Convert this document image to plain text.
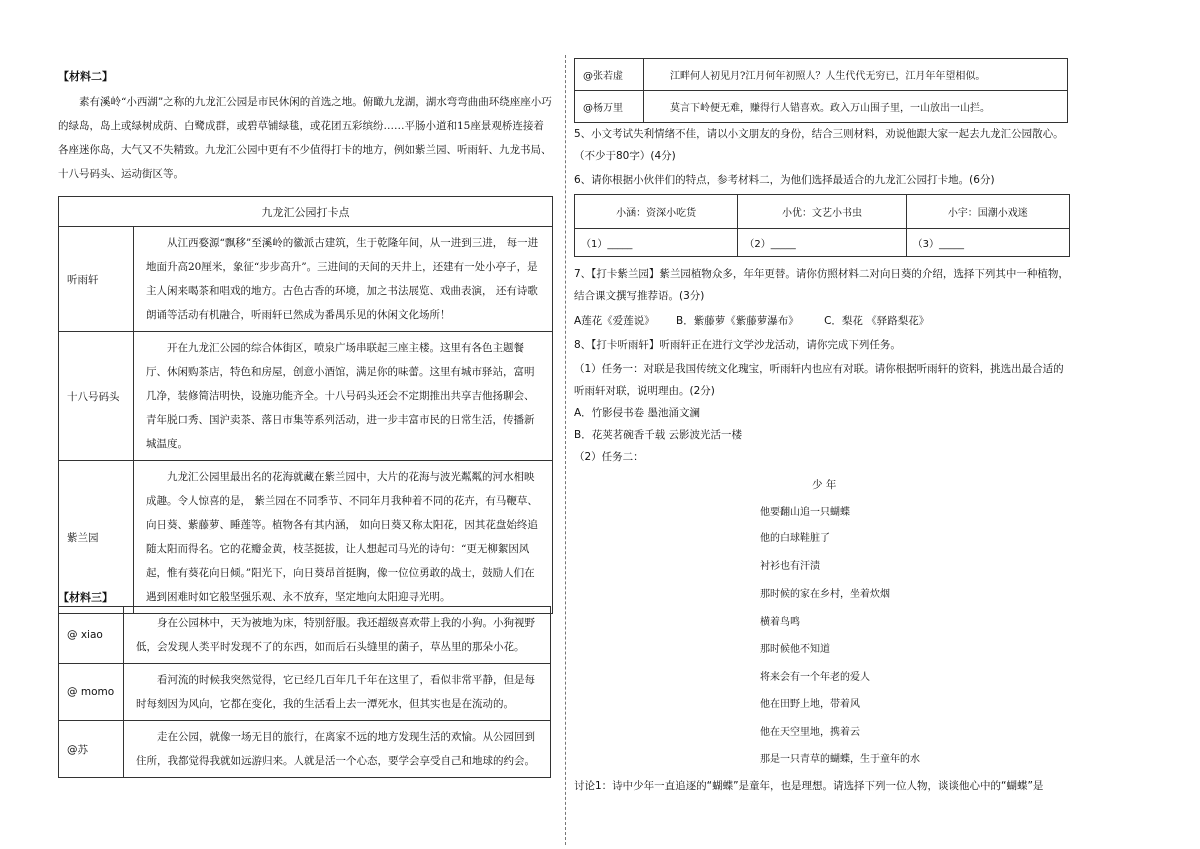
【材料二】
素有溪岭“小西湖”之称的九龙汇公园是市民休闲的首选之地。俯瞰九龙湖，湖水弯弯曲曲环绕座座小巧的绿岛，岛上或绿树成荫、白鹭成群，或碧草铺绿毯，或花团五彩缤纷……平肠小道和15座景观桥连接着各座迷你岛，大气又不失精致。九龙汇公园中更有不少值得打卡的地方，例如紫兰园、听雨轩、九龙书局、十八号码头、运动街区等。
九龙汇公园打卡点	
听雨轩	从江西婺源“飘移”至溪岭的徽派古建筑，生于乾隆年间，从一进到三进， 每一进地面升高20厘米，象征“步步高升”。三进间的天间的天井上，还建有一处小亭子，是主人闲来喝茶和唱戏的地方。古色古香的环境，加之书法展览、戏曲表演， 还有诗歌朗诵等活动有机融合，听雨轩已然成为番禺乐见的休闲文化场所！
十八号码头	开在九龙汇公园的综合体街区，喷泉广场串联起三座主楼。这里有各色主题餐厅、休闲购茶店，特色和房屋，创意小酒馆，满足你的味蕾。这里有城市驿站，富明几净，装修简洁明快，设施功能齐全。十八号码头还会不定期推出共享吉他扬聊会、青年脱口秀、国沪卖茶、落日市集等系列活动，进一步丰富市民的日常生活，传播新城温度。
紫兰园	九龙汇公园里最出名的花海就藏在紫兰园中，大片的花海与波光粼粼的河水相映成趣。令人惊喜的是， 紫兰园在不同季节、不同年月我种着不同的花卉，有马鞭草、向日葵、紫藤萝、睡莲等。植物各有其内涵， 如向日葵又称太阳花，因其花盘始终追随太阳而得名。它的花瓣金黄，枝茎挺拔，让人想起司马光的诗句：“更无柳絮因风起，惟有葵花向日倾。”阳光下，向日葵昂首挺胸，像一位位勇敢的战士，鼓励人们在遇到困难时如它般坚强乐观、永不放弃，坚定地向太阳迎寻光明。
【材料三】
@ xiao	身在公园林中，天为被地为床，特别舒服。我还超级喜欢带上我的小狗。小狗视野低，会发现人类平时发现不了的东西，如而后石头缝里的菌子，草丛里的那朵小花。
@ momo	看河流的时候我突然觉得，它已经几百年几千年在这里了，看似非常平静，但是每时每刻因为风向，它都在变化，我的生活看上去一潭死水，但其实也是在流动的。
@苏	走在公园，就像一场无目的旅行，在离家不远的地方发现生活的欢愉。从公园回到住所，我都觉得我就如远游归来。人就是活一个心态，要学会享受自己和地球的约会。
@张若虚	江畔何人初见月?江月何年初照人？人生代代无穷已，江月年年望相似。
@杨万里	莫言下岭便无难，赚得行人错喜欢。政入万山围子里，一山放出一山拦。
5、小文考试失利情绪不佳，请以小文朋友的身份，结合三则材料，劝说他跟大家一起去九龙汇公园散心。
（不少于80字）(4分)
6、请你根据小伙伴们的特点，参考材料二，为他们选择最适合的九龙汇公园打卡地。(6分)
小涵：资深小吃货	小优：文艺小书虫	小宇：国潮小戏迷
（1）_____	（2）_____	（3）_____
7、【打卡紫兰园】紫兰园植物众多，年年更替。请你仿照材料二对向日葵的介绍，选择下列其中一种植物，
结合课文撰写推荐语。(3分)
A莲花《爱莲说》 B．紫藤萝《紫藤萝瀑布》 C．梨花 《驿路梨花》
8、【打卡听雨轩】听雨轩正在进行文学沙龙活动，请你完成下列任务。
（1）任务一：对联是我国传统文化瑰宝，听雨轩内也应有对联。请你根据听雨轩的资料，挑选出最合适的
听雨轩对联，说明理由。(2分)
A．竹影侵书卷 墨池涌文澜
B．花荚茗碗香千载 云影波光活一楼
（2）任务二：
少 年
他要翻山追一只蝴蝶
他的白球鞋脏了
衬衫也有汗渍
那时候的家在乡村，坐着炊烟
横着鸟鸣
那时候他不知道
将来会有一个年老的爱人
他在田野上地，带着风
他在天空里地，携着云
那是一只青草的蝴蝶，生于童年的水
讨论1：诗中少年一直追逐的“蝴蝶”是童年，也是理想。请选择下列一位人物，谈谈他心中的“蝴蝶”是
